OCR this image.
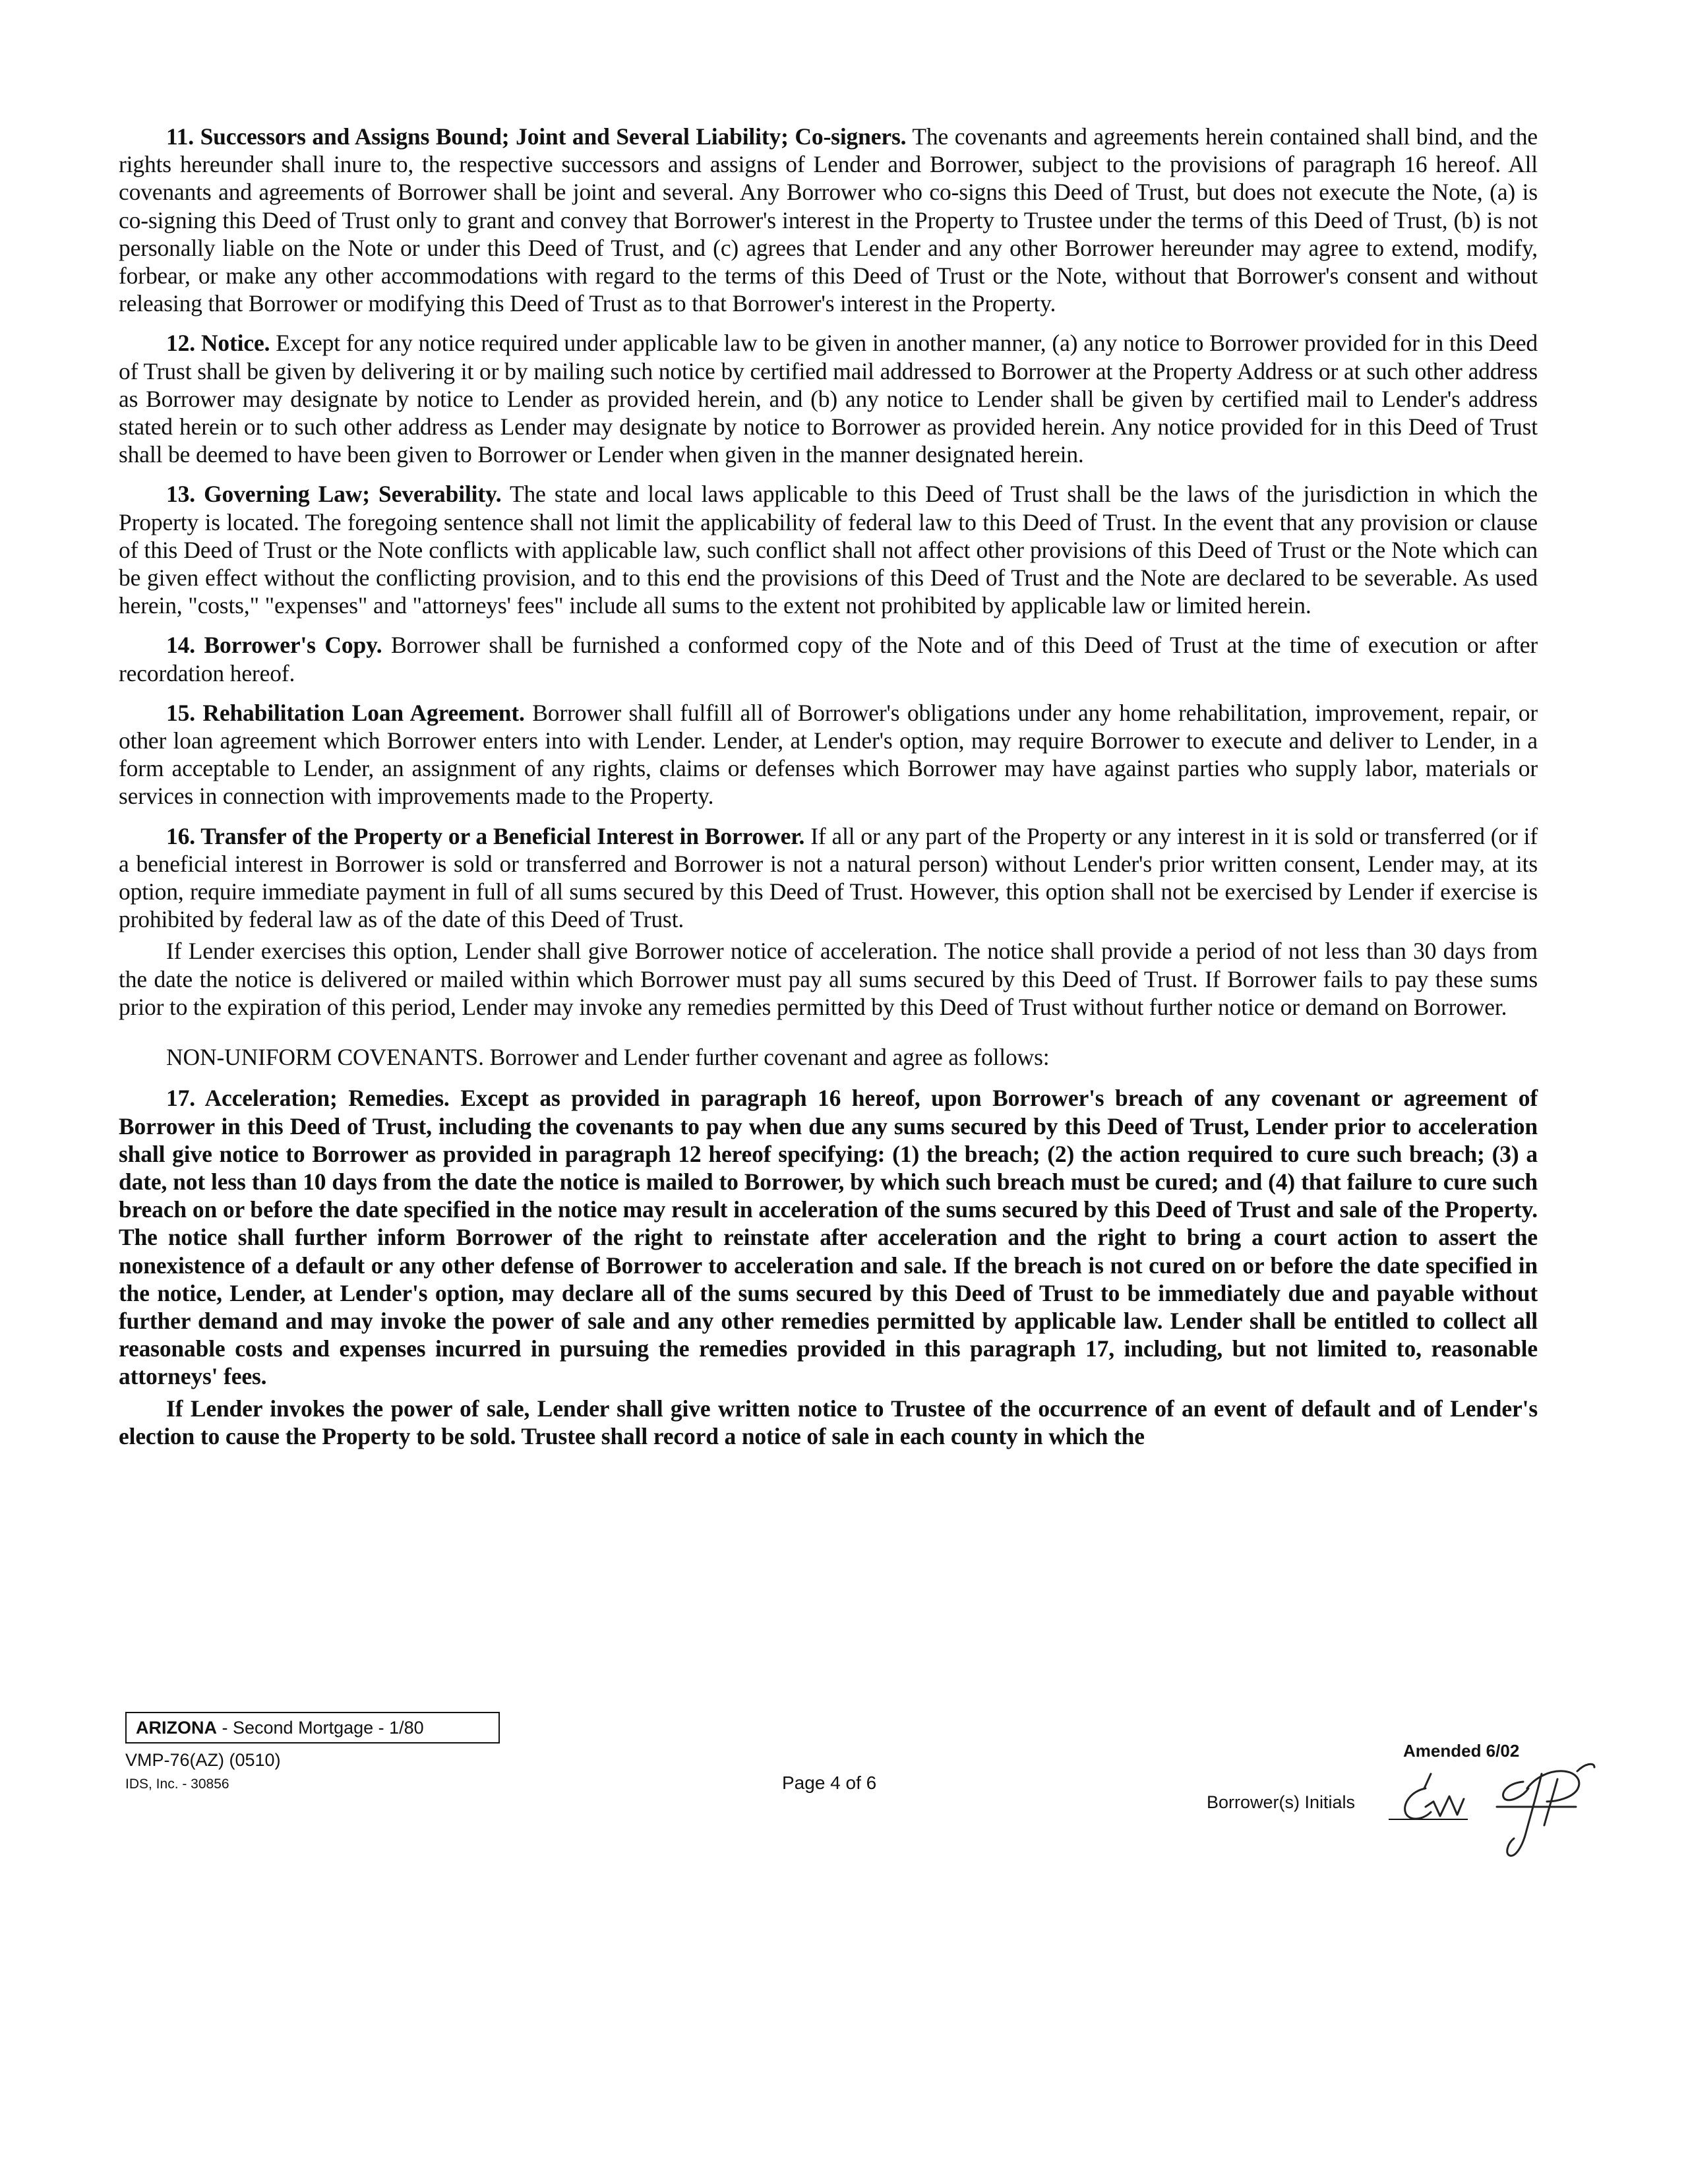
11. Successors and Assigns Bound; Joint and Several Liability; Co-signers. The covenants and agreements herein contained shall bind, and the rights hereunder shall inure to, the respective successors and assigns of Lender and Borrower, subject to the provisions of paragraph 16 hereof. All covenants and agreements of Borrower shall be joint and several. Any Borrower who co-signs this Deed of Trust, but does not execute the Note, (a) is co-signing this Deed of Trust only to grant and convey that Borrower's interest in the Property to Trustee under the terms of this Deed of Trust, (b) is not personally liable on the Note or under this Deed of Trust, and (c) agrees that Lender and any other Borrower hereunder may agree to extend, modify, forbear, or make any other accommodations with regard to the terms of this Deed of Trust or the Note, without that Borrower's consent and without releasing that Borrower or modifying this Deed of Trust as to that Borrower's interest in the Property.

12. Notice. Except for any notice required under applicable law to be given in another manner, (a) any notice to Borrower provided for in this Deed of Trust shall be given by delivering it or by mailing such notice by certified mail addressed to Borrower at the Property Address or at such other address as Borrower may designate by notice to Lender as provided herein, and (b) any notice to Lender shall be given by certified mail to Lender's address stated herein or to such other address as Lender may designate by notice to Borrower as provided herein. Any notice provided for in this Deed of Trust shall be deemed to have been given to Borrower or Lender when given in the manner designated herein.

13. Governing Law; Severability. The state and local laws applicable to this Deed of Trust shall be the laws of the jurisdiction in which the Property is located. The foregoing sentence shall not limit the applicability of federal law to this Deed of Trust. In the event that any provision or clause of this Deed of Trust or the Note conflicts with applicable law, such conflict shall not affect other provisions of this Deed of Trust or the Note which can be given effect without the conflicting provision, and to this end the provisions of this Deed of Trust and the Note are declared to be severable. As used herein, "costs," "expenses" and "attorneys' fees" include all sums to the extent not prohibited by applicable law or limited herein.

14. Borrower's Copy. Borrower shall be furnished a conformed copy of the Note and of this Deed of Trust at the time of execution or after recordation hereof.

15. Rehabilitation Loan Agreement. Borrower shall fulfill all of Borrower's obligations under any home rehabilitation, improvement, repair, or other loan agreement which Borrower enters into with Lender. Lender, at Lender's option, may require Borrower to execute and deliver to Lender, in a form acceptable to Lender, an assignment of any rights, claims or defenses which Borrower may have against parties who supply labor, materials or services in connection with improvements made to the Property.

16. Transfer of the Property or a Beneficial Interest in Borrower. If all or any part of the Property or any interest in it is sold or transferred (or if a beneficial interest in Borrower is sold or transferred and Borrower is not a natural person) without Lender's prior written consent, Lender may, at its option, require immediate payment in full of all sums secured by this Deed of Trust. However, this option shall not be exercised by Lender if exercise is prohibited by federal law as of the date of this Deed of Trust.

If Lender exercises this option, Lender shall give Borrower notice of acceleration. The notice shall provide a period of not less than 30 days from the date the notice is delivered or mailed within which Borrower must pay all sums secured by this Deed of Trust. If Borrower fails to pay these sums prior to the expiration of this period, Lender may invoke any remedies permitted by this Deed of Trust without further notice or demand on Borrower.

NON-UNIFORM COVENANTS. Borrower and Lender further covenant and agree as follows:

17. Acceleration; Remedies. Except as provided in paragraph 16 hereof, upon Borrower's breach of any covenant or agreement of Borrower in this Deed of Trust, including the covenants to pay when due any sums secured by this Deed of Trust, Lender prior to acceleration shall give notice to Borrower as provided in paragraph 12 hereof specifying: (1) the breach; (2) the action required to cure such breach; (3) a date, not less than 10 days from the date the notice is mailed to Borrower, by which such breach must be cured; and (4) that failure to cure such breach on or before the date specified in the notice may result in acceleration of the sums secured by this Deed of Trust and sale of the Property. The notice shall further inform Borrower of the right to reinstate after acceleration and the right to bring a court action to assert the nonexistence of a default or any other defense of Borrower to acceleration and sale. If the breach is not cured on or before the date specified in the notice, Lender, at Lender's option, may declare all of the sums secured by this Deed of Trust to be immediately due and payable without further demand and may invoke the power of sale and any other remedies permitted by applicable law. Lender shall be entitled to collect all reasonable costs and expenses incurred in pursuing the remedies provided in this paragraph 17, including, but not limited to, reasonable attorneys' fees.

If Lender invokes the power of sale, Lender shall give written notice to Trustee of the occurrence of an event of default and of Lender's election to cause the Property to be sold. Trustee shall record a notice of sale in each county in which the

ARIZONA - Second Mortgage - 1/80
VMP-76(AZ) (0510)
IDS, Inc. - 30856	Page 4 of 6
Amended 6/02
Borrower(s) Initials
